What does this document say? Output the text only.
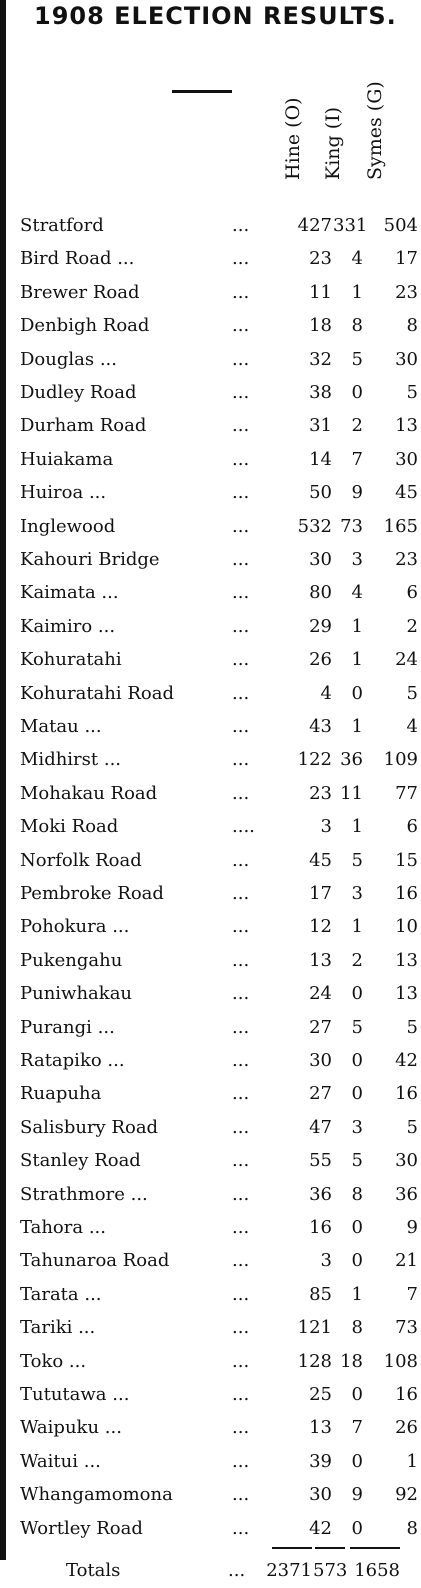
1908 ELECTION RESULTS.
Hine (O) King (I) Symes (G)
Stratford	...	427 331 504
Bird Road ...	...	23	4	17
Brewer Road	...	11	1	23
Denbigh Road	...	18	8	8
Douglas ...	...	32	5	30
Dudley Road	...	38	0	5
Durham Road	...	31	2	13
Huiakama	...	14	7	30
Huiroa ...	...	50	9	45
Inglewood	...	532 73	165
Kahouri Bridge	...	30	3	23
Kaimata ...	...	80	4	6
Kaimiro ...	...	29	1	2
Kohuratahi	...	26	1	24
Kohuratahi Road	...	4	0	5
Matau ...	...	43	1	4
Midhirst ...	...	122 36	109
Mohakau Road	...	23 11	77
Moki Road	....	3	1	6
Norfolk Road	...	45	5	15
Pembroke Road	...	17	3	16
Pohokura ...	...	12	1	10
Pukengahu	...	13	2	13
Puniwhakau	...	24	0	13
Purangi ...	...	27	5	5
Ratapiko ...	...	30	0	42
Ruapuha	...	27	0	16
Salisbury Road	...	47	3	5
Stanley Road	...	55	5	30
Strathmore ...	...	36	8	36
Tahora ...	...	16	0	9
Tahunaroa Road	...	3	0	21
Tarata ...	...	85	1	7
Tariki ...	...	121	8	73
Toko ...	...	128 18	108
Tututawa ...	...	25	0	16
Waipuku ...	...	13	7	26
Waitui ...	...	39	0	1
Whangamomona	...	30	9	92
Wortley Road	...	42	0	8
Totals	...	2371 573 1658
